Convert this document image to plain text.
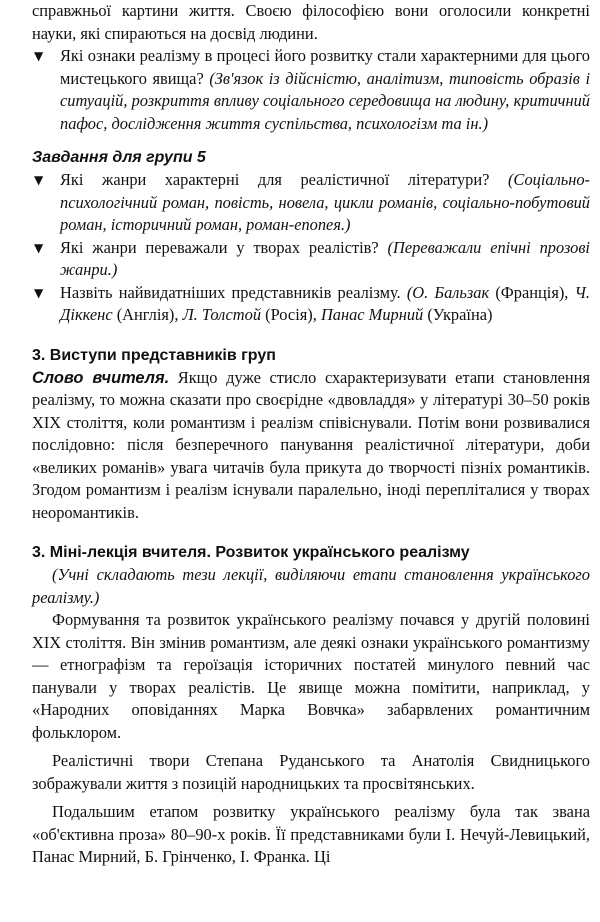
справжньої картини життя. Своєю філософією вони оголосили конкретні науки, які спираються на досвід людини.

▼ Які ознаки реалізму в процесі його розвитку стали характерними для цього мистецького явища? (Зв'язок із дійсністю, аналітизм, типовість образів і ситуацій, розкриття впливу соціального середовища на людину, критичний пафос, дослідження життя суспільства, психологізм та ін.)

Завдання для групи 5

▼ Які жанри характерні для реалістичної літератури? (Соціально-психологічний роман, повість, новела, цикли романів, соціально-побутовий роман, історичний роман, роман-епопея.)
▼ Які жанри переважали у творах реалістів? (Переважали епічні прозові жанри.)
▼ Назвіть найвидатніших представників реалізму. (О. Бальзак (Франція), Ч. Діккенс (Англія), Л. Толстой (Росія), Панас Мирний (Україна)

3. Виступи представників груп

Слово вчителя. Якщо дуже стисло схарактеризувати етапи становлення реалізму, то можна сказати про своєрідне «двовладдя» у літературі 30–50 років XIX століття, коли романтизм і реалізм співіснували. Потім вони розвивалися послідовно: після безперечного панування реалістичної літератури, доби «великих романів» увага читачів була прикута до творчості пізніх романтиків. Згодом романтизм і реалізм існували паралельно, іноді перепліталися у творах неоромантиків.

3. Міні-лекція вчителя. Розвиток українського реалізму

(Учні складають тези лекції, виділяючи етапи становлення українського реалізму.)

Формування та розвиток українського реалізму почався у другій половині XIX століття. Він змінив романтизм, але деякі ознаки українського романтизму — етнографізм та героїзація історичних постатей минулого певний час панували у творах реалістів. Це явище можна помітити, наприклад, у «Народних оповіданнях Марка Вовчка» забарвлених романтичним фольклором.

Реалістичні твори Степана Руданського та Анатолія Свидницького зображували життя з позицій народницьких та просвітянських.

Подальшим етапом розвитку українського реалізму була так звана «об'єктивна проза» 80–90-х років. Її представниками були І. Нечуй-Левицький, Панас Мирний, Б. Грінченко, І. Франка. Ці
